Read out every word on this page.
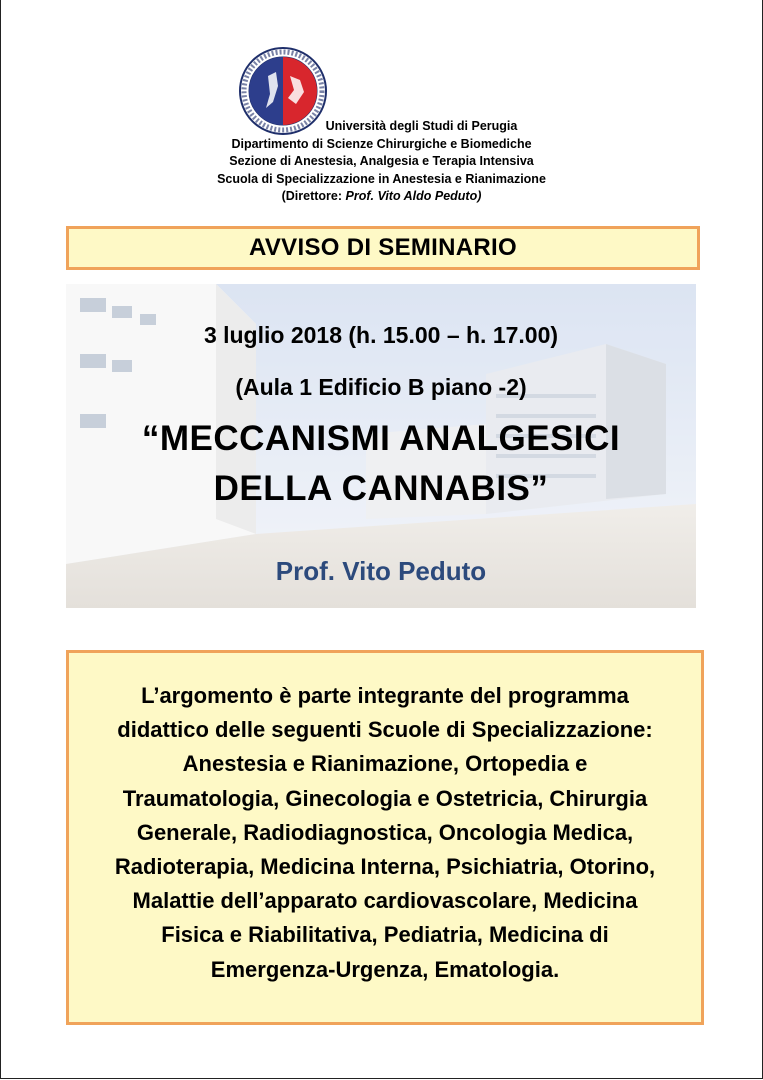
Università degli Studi di Perugia
Dipartimento di Scienze Chirurgiche e Biomediche
Sezione di Anestesia, Analgesia e Terapia Intensiva
Scuola di Specializzazione in Anestesia e Rianimazione
(Direttore: Prof. Vito Aldo Peduto)
AVVISO DI SEMINARIO
3 luglio 2018 (h. 15.00 – h. 17.00)
(Aula 1 Edificio B piano -2)
“MECCANISMI ANALGESICI
DELLA CANNABIS”
Prof. Vito Peduto
L’argomento è parte integrante del programma
didattico delle seguenti Scuole di Specializzazione:
Anestesia e Rianimazione, Ortopedia e
Traumatologia, Ginecologia e Ostetricia, Chirurgia
Generale, Radiodiagnostica, Oncologia Medica,
Radioterapia, Medicina Interna, Psichiatria, Otorino,
Malattie dell’apparato cardiovascolare, Medicina
Fisica e Riabilitativa, Pediatria, Medicina di
Emergenza-Urgenza, Ematologia.
